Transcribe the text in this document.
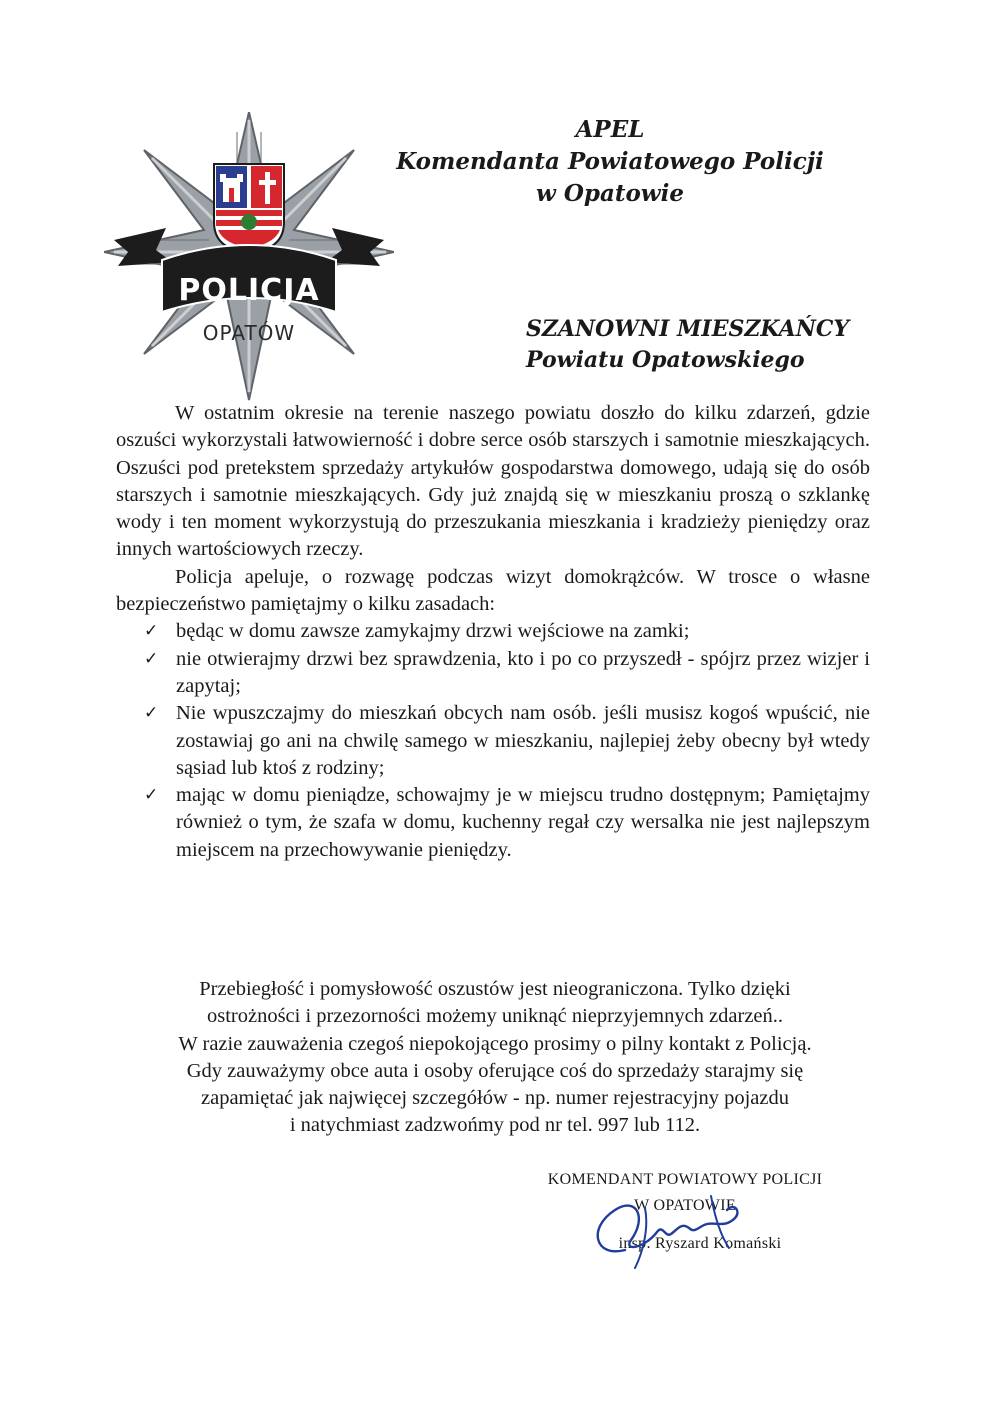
POLICJA
OPATÓW
APEL
Komendanta Powiatowego Policji
w Opatowie
SZANOWNI MIESZKAŃCY
Powiatu Opatowskiego

W ostatnim okresie na terenie naszego powiatu doszło do kilku zdarzeń, gdzie oszuści wykorzystali łatwowierność i dobre serce osób starszych i samotnie mieszkających. Oszuści pod pretekstem sprzedaży artykułów gospodarstwa domowego, udają się do osób starszych i samotnie mieszkających. Gdy już znajdą się w mieszkaniu proszą o szklankę wody i ten moment wykorzystują do przeszukania mieszkania i kradzieży pieniędzy oraz innych wartościowych rzeczy.

Policja apeluje, o rozwagę podczas wizyt domokrążców. W trosce o własne bezpieczeństwo pamiętajmy o kilku zasadach:

✓ będąc w domu zawsze zamykajmy drzwi wejściowe na zamki;
✓ nie otwierajmy drzwi bez sprawdzenia, kto i po co przyszedł - spójrz przez wizjer i zapytaj;
✓ Nie wpuszczajmy do mieszkań obcych nam osób. jeśli musisz kogoś wpuścić, nie zostawiaj go ani na chwilę samego w mieszkaniu, najlepiej żeby obecny był wtedy sąsiad lub ktoś z rodziny;
✓ mając w domu pieniądze, schowajmy je w miejscu trudno dostępnym; Pamiętajmy również o tym, że szafa w domu, kuchenny regał czy wersalka nie jest najlepszym miejscem na przechowywanie pieniędzy.
Przebiegłość i pomysłowość oszustów jest nieograniczona. Tylko dzięki
ostrożności i przezorności możemy uniknąć nieprzyjemnych zdarzeń..
W razie zauważenia czegoś niepokojącego prosimy o pilny kontakt z Policją.
Gdy zauważymy obce auta i osoby oferujące coś do sprzedaży starajmy się
zapamiętać jak najwięcej szczegółów - np. numer rejestracyjny pojazdu
i natychmiast zadzwońmy pod nr tel. 997 lub 112.
KOMENDANT POWIATOWY POLICJI
W OPATOWIE
insp. Ryszard Komański
